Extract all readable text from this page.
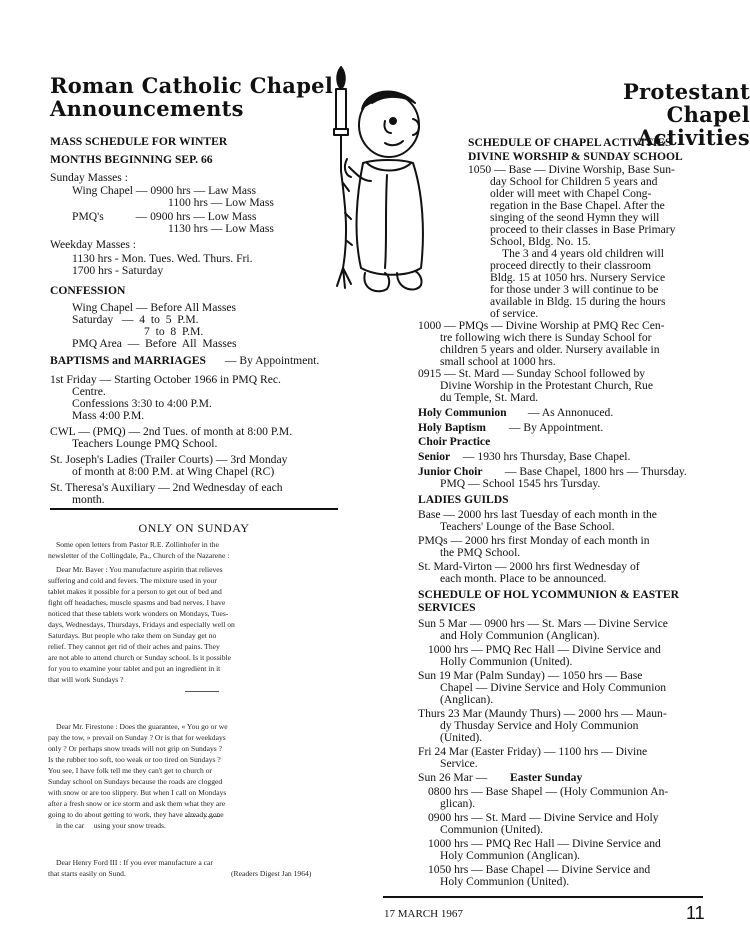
Roman Catholic Chapel
Announcements
MASS SCHEDULE FOR WINTER
MONTHS BEGINNING SEP. 66
Sunday Masses :
Wing Chapel — 0900 hrs — Law Mass
1100 hrs — Low Mass
PMQ's           — 0900 hrs — Low Mass
1130 hrs — Low Mass
Weekday Masses :
1130 hrs - Mon. Tues. Wed. Thurs. Fri.
1700 hrs - Saturday
CONFESSION
Wing Chapel — Before All Masses
Saturday   —  4  to  5  P.M.
7  to  8  P.M.
PMQ Area  —  Before  All  Masses
BAPTISMS and MARRIAGES — By Appointment.
1st Friday — Starting October 1966 in PMQ Rec.
Centre.
Confessions 3:30 to 4:00 P.M.
Mass 4:00 P.M.
CWL — (PMQ) — 2nd Tues. of month at 8:00 P.M.
Teachers Lounge PMQ School.
St. Joseph's Ladies (Trailer Courts) — 3rd Monday
of month at 8:00 P.M. at Wing Chapel (RC)
St. Theresa's Auxiliary — 2nd Wednesday of each
month.
ONLY ON SUNDAY
Some open letters from Pastor R.E. Zollinhofer in the
newsletter of the Collingdale, Pa., Church of the Nazarene :
Dear Mr. Baver : You manufacture aspirin that relieves
suffering and cold and fevers. The mixture used in your
tablet makes it possible for a person to get out of bed and
fight off headaches, muscle spasms and bad nerves. I have
noticed that these tablets work wonders on Mondays, Tues-
days, Wednesdays, Thursdays, Fridays and especially well on
Saturdays. But people who take them on Sunday get no
relief. They cannot get rid of their aches and pains. They
are not able to attend church or Sunday school. Is it possible
for you to examine your tablet and put an ingredient in it
that will work Sundays ?
Dear Mr. Firestone : Does the guarantee, « You go or we
pay the tow, » prevail on Sunday ? Or is that for weekdays
only ? Or perhaps snow treads will not grip on Sundays ?
Is the rubber too soft, too weak or too tired on Sundays ?
You see, I have folk tell me they can't get to church or
Sunday school on Sundays because the roads are clogged
with snow or are too slippery. But when I call on Mondays
after a fresh snow or ice storm and ask them what they are
going to do about getting to work, they have already gone
in the car     using your snow treads.
Dear Henry Ford III : If you ever manufacture a car
that starts easily on Sund.	(Readers Digest Jan 1964)
Protestant Chapel
Activities
SCHEDULE OF CHAPEL ACTIVITIES
DIVINE WORSHIP & SUNDAY SCHOOL
1050 — Base — Divine Worship, Base Sun-
day School for Children 5 years and
older will meet with Chapel Cong-
regation in the Base Chapel. After the
singing of the seond Hymn they will
proceed to their classes in Base Primary
School, Bldg. No. 15.
The 3 and 4 years old children will
proceed directly to their classroom
Bldg. 15 at 1050 hrs. Nursery Service
for those under 3 will continue to be
available in Bldg. 15 during the hours
of service.
1000 — PMQs — Divine Worship at PMQ Rec Cen-
tre following wich there is Sunday School for
children 5 years and older. Nursery available in
small school at 1000 hrs.
0915 — St. Mard — Sunday School followed by
Divine Worship in the Protestant Church, Rue
du Temple, St. Mard.
Holy Communion — As Annonuced.
Holy Baptism — By Appointment.
Choir Practice
Senior — 1930 hrs Thursday, Base Chapel.
Junior Choir — Base Chapel, 1800 hrs — Thursday.
PMQ — School 1545 hrs Tursday.
LADIES GUILDS
Base — 2000 hrs last Tuesday of each month in the
Teachers' Lounge of the Base School.
PMQs — 2000 hrs first Monday of each month in
the PMQ School.
St. Mard-Virton — 2000 hrs first Wednesday of
each month. Place to be announced.
SCHEDULE OF HOL YCOMMUNION & EASTER
SERVICES
Sun 5 Mar — 0900 hrs — St. Mars — Divine Service
and Holy Communion (Anglican).
1000 hrs — PMQ Rec Hall — Divine Service and
Holly Communion (United).
Sun 19 Mar (Palm Sunday) — 1050 hrs — Base
Chapel — Divine Service and Holy Communion
(Anglican).
Thurs 23 Mar (Maundy Thurs) — 2000 hrs — Maun-
dy Thusday Service and Holy Communion
(United).
Fri 24 Mar (Easter Friday) — 1100 hrs — Divine
Service.
Sun 26 Mar — Easter Sunday
0800 hrs — Base Shapel — (Holy Communion An-
glican).
0900 hrs — St. Mard — Divine Service and Holy
Communion (United).
1000 hrs — PMQ Rec Hall — Divine Service and
Holy Communion (Anglican).
1050 hrs — Base Chapel — Divine Service and
Holy Communion (United).
17 MARCH 1967	11
